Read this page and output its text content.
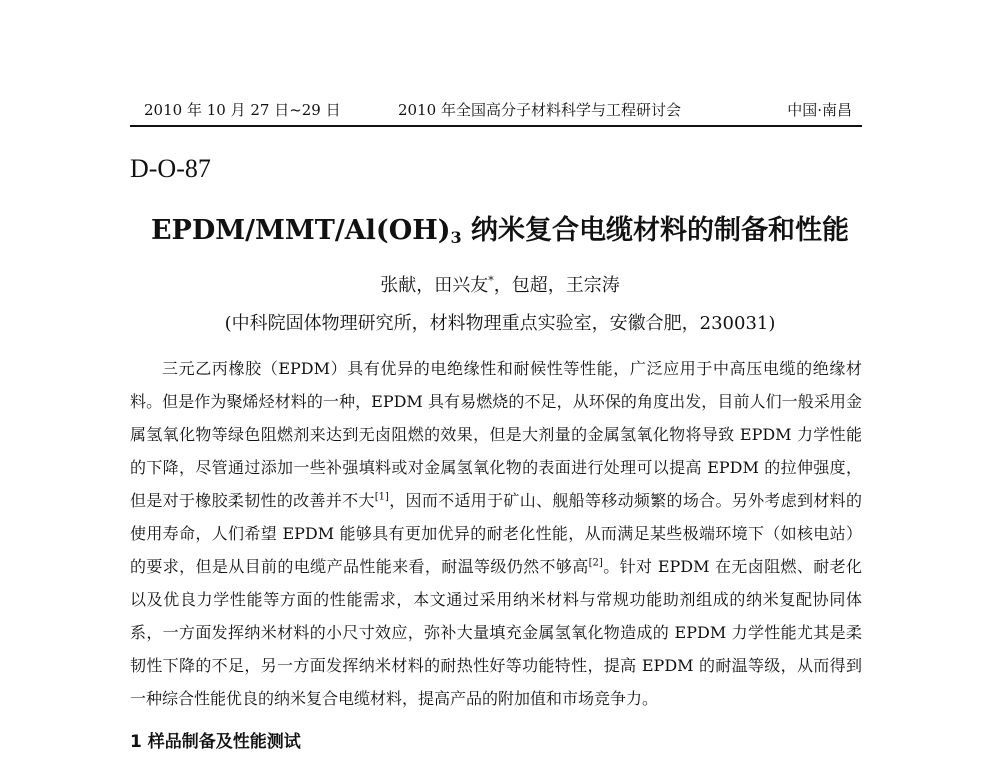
2010 年 10 月 27 日~29 日	2010 年全国高分子材料科学与工程研讨会	中国·南昌
D-O-87
EPDM/$MMT/Al(OH)_3$ 纳米复合电缆材料的制备和性能
张献，田兴友*，包超，王宗涛
(中科院固体物理研究所，材料物理重点实验室，安徽合肥，230031)

三元乙丙橡胶（EPDM）具有优异的电绝缘性和耐候性等性能，广泛应用于中高压电缆的绝缘材料。但是作为聚烯烃材料的一种，EPDM 具有易燃烧的不足，从环保的角度出发，目前人们一般采用金属氢氧化物等绿色阻燃剂来达到无卤阻燃的效果，但是大剂量的金属氢氧化物将导致 EPDM 力学性能的下降，尽管通过添加一些补强填料或对金属氢氧化物的表面进行处理可以提高 EPDM 的拉伸强度，但是对于橡胶柔韧性的改善并不大[1]，因而不适用于矿山、舰船等移动频繁的场合。另外考虑到材料的使用寿命，人们希望 EPDM 能够具有更加优异的耐老化性能，从而满足某些极端环境下（如核电站）的要求，但是从目前的电缆产品性能来看，耐温等级仍然不够高[2]。针对 EPDM 在无卤阻燃、耐老化以及优良力学性能等方面的性能需求，本文通过采用纳米材料与常规功能助剂组成的纳米复配协同体系，一方面发挥纳米材料的小尺寸效应，弥补大量填充金属氢氧化物造成的 EPDM 力学性能尤其是柔韧性下降的不足，另一方面发挥纳米材料的耐热性好等功能特性，提高 EPDM 的耐温等级，从而得到一种综合性能优良的纳米复合电缆材料，提高产品的附加值和市场竞争力。

1 样品制备及性能测试
